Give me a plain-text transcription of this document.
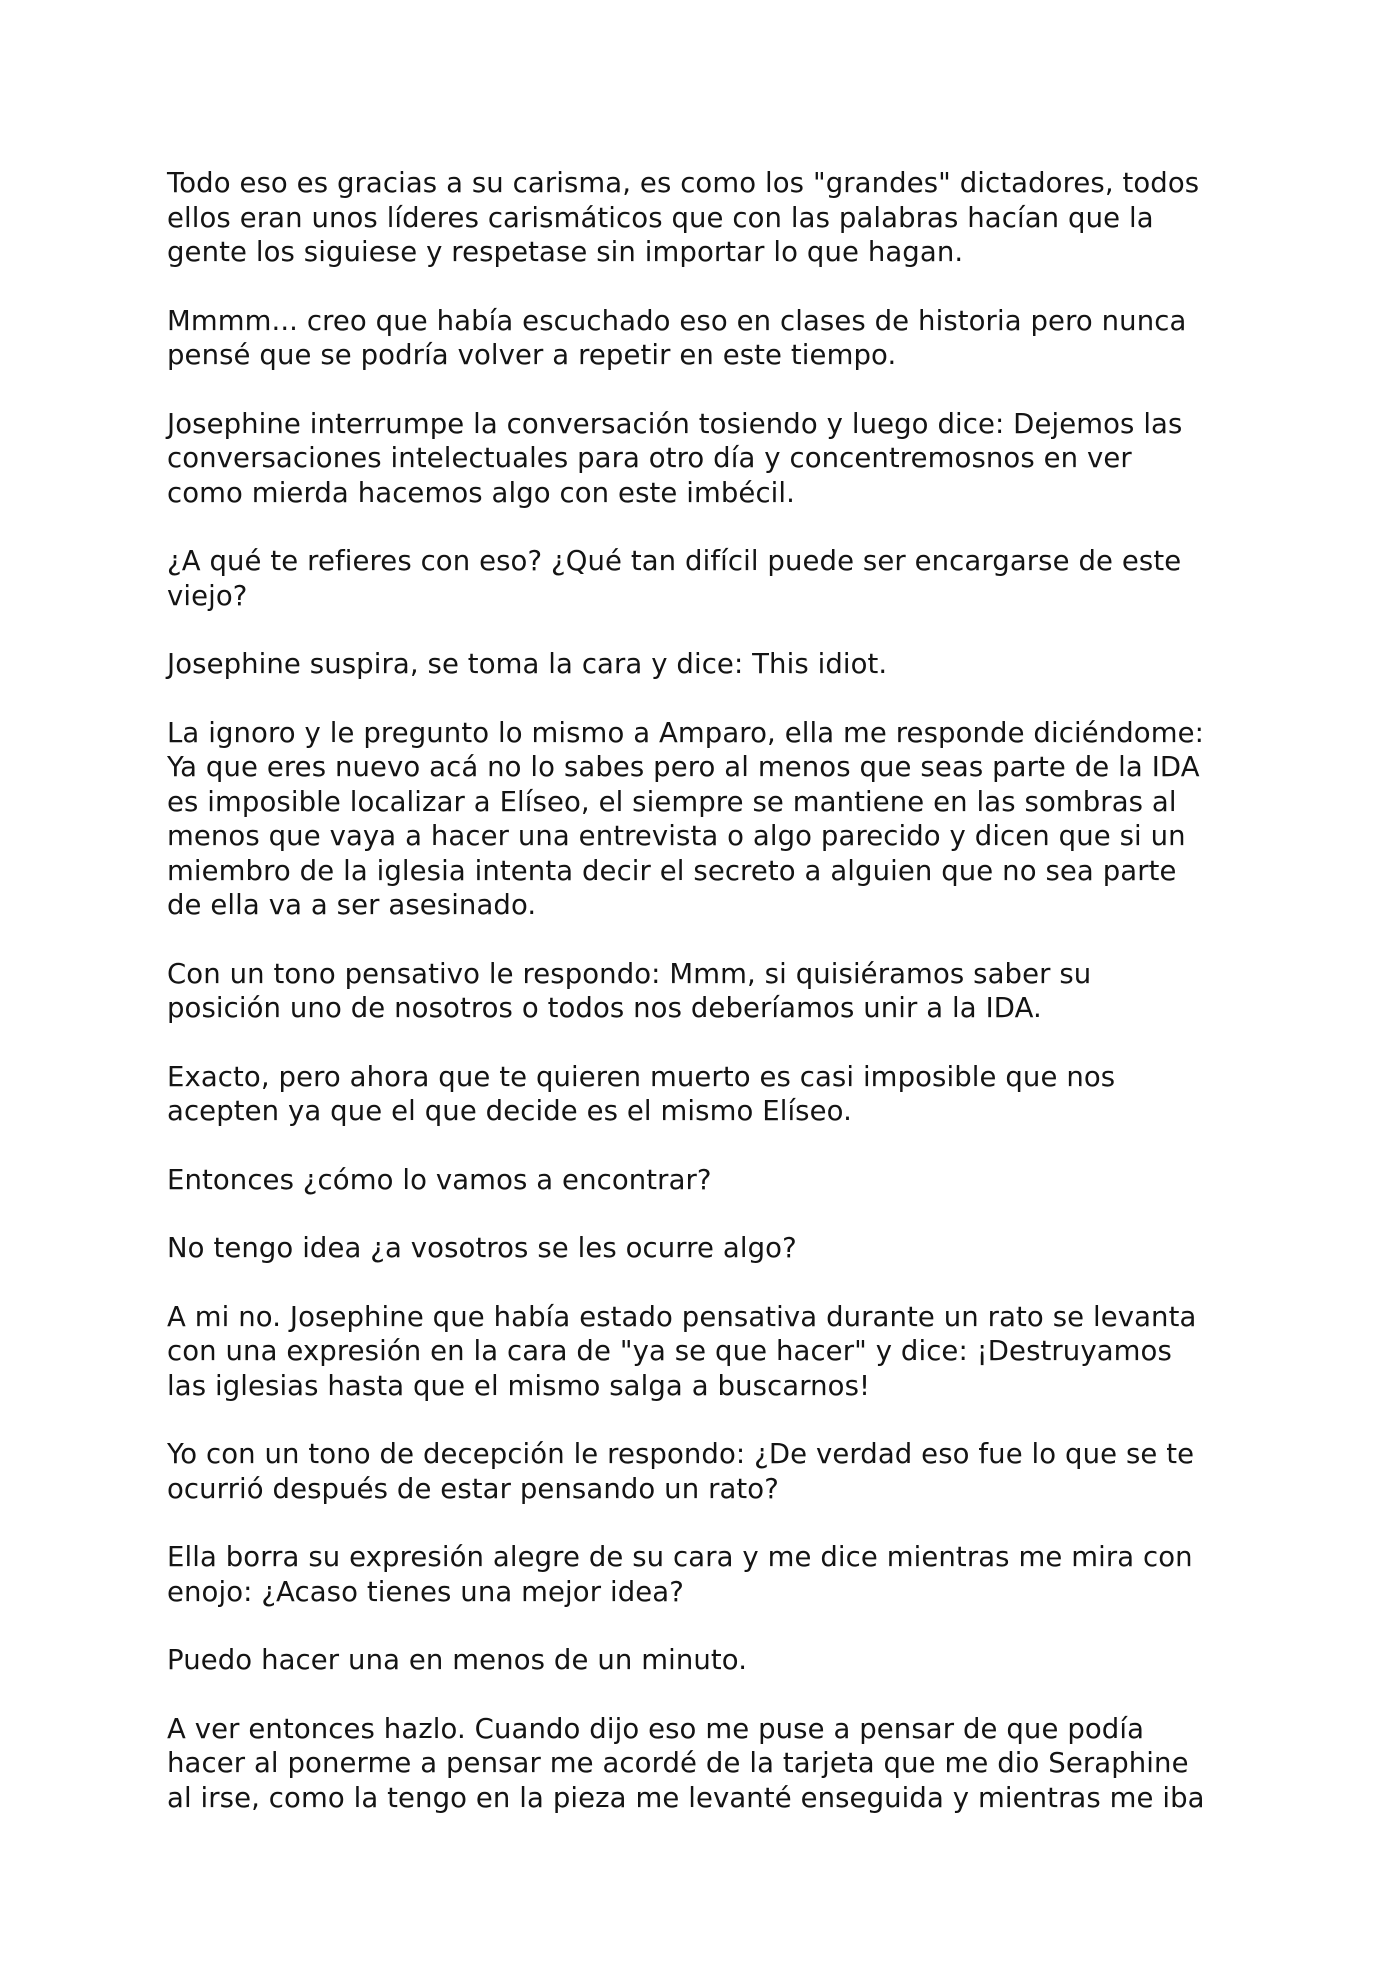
Todo eso es gracias a su carisma, es como los "grandes" dictadores, todos
ellos eran unos líderes carismáticos que con las palabras hacían que la
gente los siguiese y respetase sin importar lo que hagan.

Mmmm... creo que había escuchado eso en clases de historia pero nunca
pensé que se podría volver a repetir en este tiempo.

Josephine interrumpe la conversación tosiendo y luego dice: Dejemos las
conversaciones intelectuales para otro día y concentremosnos en ver
como mierda hacemos algo con este imbécil.

¿A qué te refieres con eso? ¿Qué tan difícil puede ser encargarse de este
viejo?

Josephine suspira, se toma la cara y dice: This idiot.

La ignoro y le pregunto lo mismo a Amparo, ella me responde diciéndome:
Ya que eres nuevo acá no lo sabes pero al menos que seas parte de la IDA
es imposible localizar a Elíseo, el siempre se mantiene en las sombras al
menos que vaya a hacer una entrevista o algo parecido y dicen que si un
miembro de la iglesia intenta decir el secreto a alguien que no sea parte
de ella va a ser asesinado.

Con un tono pensativo le respondo: Mmm, si quisiéramos saber su
posición uno de nosotros o todos nos deberíamos unir a la IDA.

Exacto, pero ahora que te quieren muerto es casi imposible que nos
acepten ya que el que decide es el mismo Elíseo.

Entonces ¿cómo lo vamos a encontrar?

No tengo idea ¿a vosotros se les ocurre algo?

A mi no. Josephine que había estado pensativa durante un rato se levanta
con una expresión en la cara de "ya se que hacer" y dice: ¡Destruyamos
las iglesias hasta que el mismo salga a buscarnos!

Yo con un tono de decepción le respondo: ¿De verdad eso fue lo que se te
ocurrió después de estar pensando un rato?

Ella borra su expresión alegre de su cara y me dice mientras me mira con
enojo: ¿Acaso tienes una mejor idea?

Puedo hacer una en menos de un minuto.

A ver entonces hazlo. Cuando dijo eso me puse a pensar de que podía
hacer al ponerme a pensar me acordé de la tarjeta que me dio Seraphine
al irse, como la tengo en la pieza me levanté enseguida y mientras me iba
